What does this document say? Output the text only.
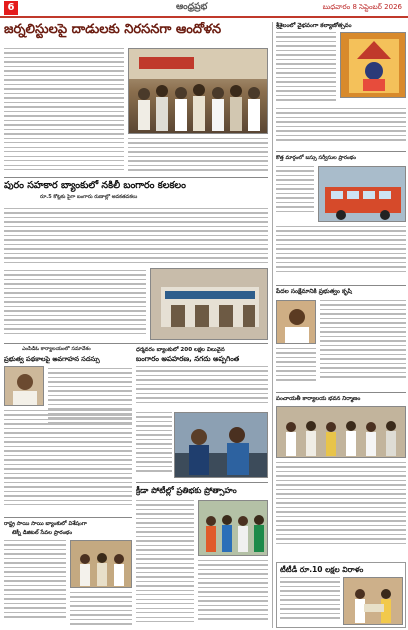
6	ఆంధ్రప్రభ	బుధవారం 8 సెప్టెంబర్ 2026
జర్నలిస్టులపై దాడులకు నిరసనగా ఆందోళన
పురం సహకార బ్యాంకులో నకిలీ బంగారం కలకలం
రూ.5 కోట్లకు పైగా బంగారు రుణాల్లో అవకతవకలు
ఎంపీడీఓ కార్యాలయంలో సమావేశం
ప్రభుత్వ పథకాలపై అవగాహన సదస్సు
ధర్మవరం బ్యాంకులో 200 లక్షల విలువైన
బంగారం అపహరణ, నగదు అప్పగింత
క్రీడా పోటీల్లో ప్రతిభకు ప్రోత్సాహం
రాష్ట్ర సాయి సాయి బ్యాంకులో విశేషంగా
టెక్నీ డిజిటల్ సేవల ప్రారంభం
శ్రీశైలంలో వైభవంగా కల్యాణోత్సవం
కొత్త మార్గంలో బస్సు సర్వీసుల ప్రారంభం
పేదల సంక్షేమానికి ప్రభుత్వం కృషి
పంచాయతీ కార్యాలయ భవన నిర్మాణం
టీటీడీ రూ.10 లక్షల విరాళం
